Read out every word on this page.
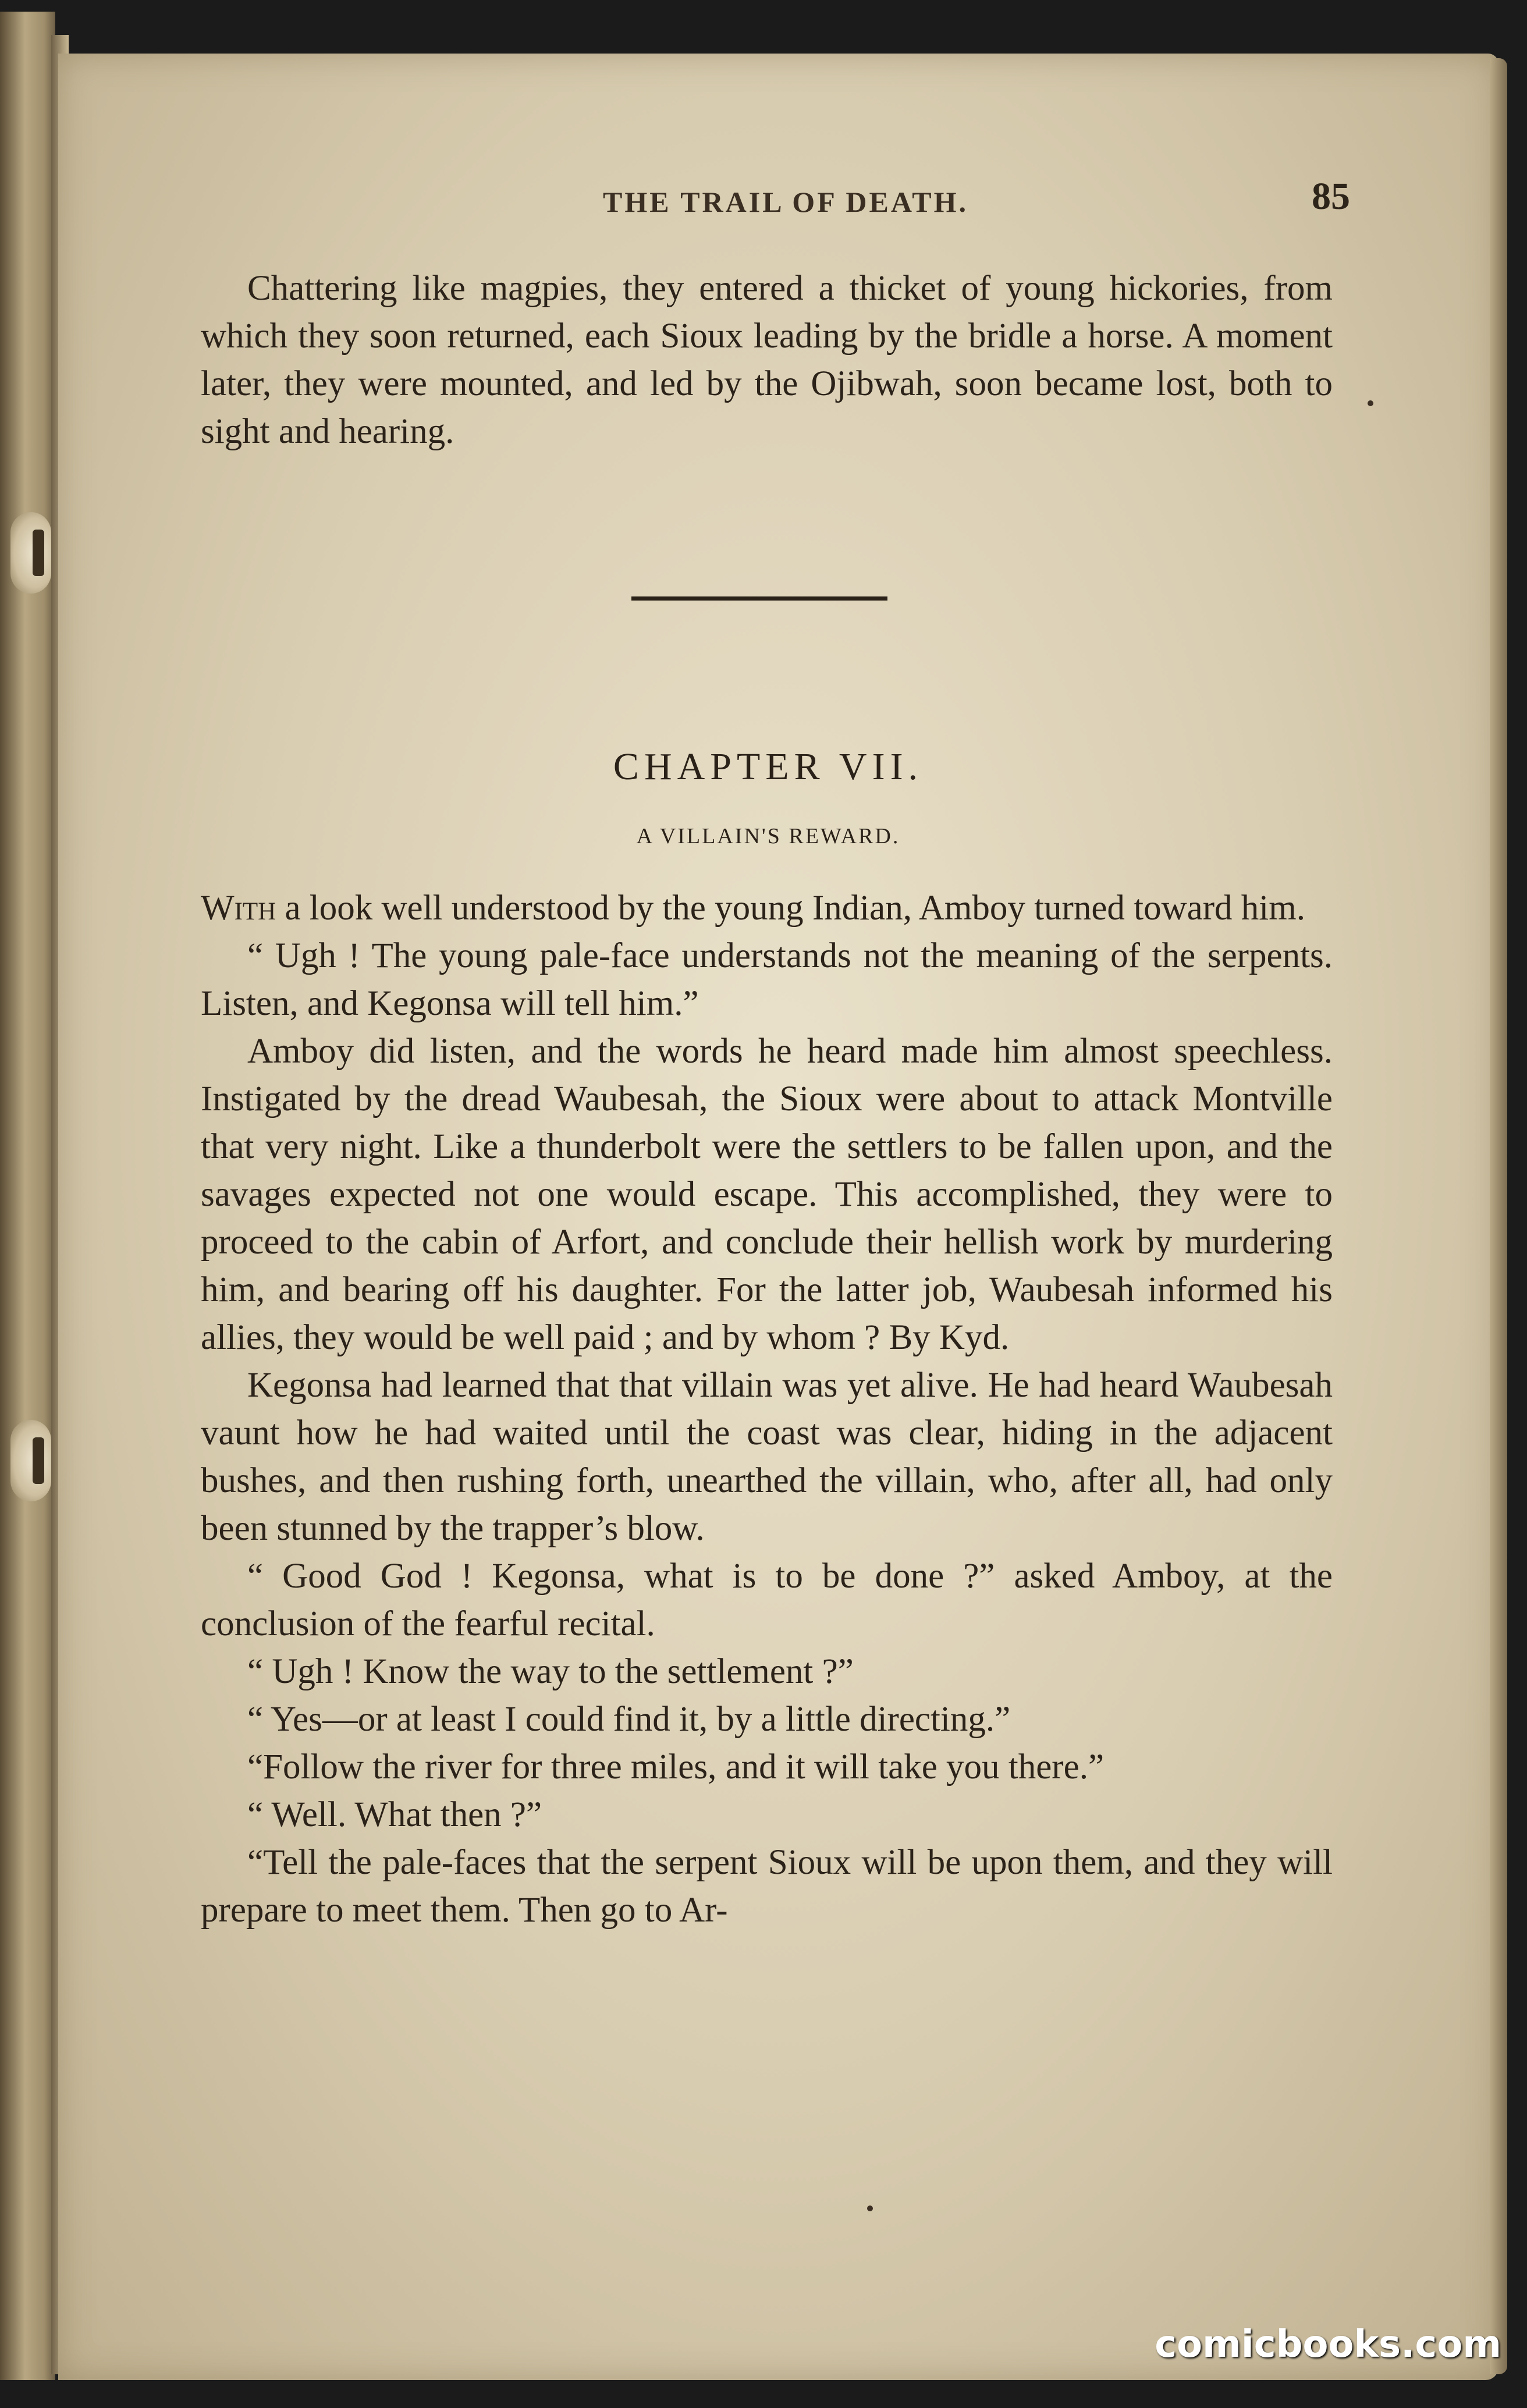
THE TRAIL OF DEATH.	85

Chattering like magpies, they entered a thicket of young hickories, from which they soon returned, each Sioux leading by the bridle a horse. A moment later, they were mounted, and led by the Ojibwah, soon became lost, both to sight and hearing.

CHAPTER VII.
A VILLAIN'S REWARD.

With a look well understood by the young Indian, Amboy turned toward him.

“ Ugh ! The young pale-face understands not the meaning of the serpents. Listen, and Kegonsa will tell him.”

Amboy did listen, and the words he heard made him almost speechless. Instigated by the dread Waubesah, the Sioux were about to attack Montville that very night. Like a thunderbolt were the settlers to be fallen upon, and the savages expected not one would escape. This accomplished, they were to proceed to the cabin of Arfort, and conclude their hellish work by murdering him, and bearing off his daughter. For the latter job, Waubesah informed his allies, they would be well paid ; and by whom ? By Kyd.

Kegonsa had learned that that villain was yet alive. He had heard Waubesah vaunt how he had waited until the coast was clear, hiding in the adjacent bushes, and then rushing forth, unearthed the villain, who, after all, had only been stunned by the trapper’s blow.

“ Good God ! Kegonsa, what is to be done ?” asked Amboy, at the conclusion of the fearful recital.

“ Ugh ! Know the way to the settlement ?”

“ Yes—or at least I could find it, by a little directing.”

“Follow the river for three miles, and it will take you there.”

“ Well. What then ?”

“Tell the pale-faces that the serpent Sioux will be upon them, and they will prepare to meet them. Then go to Ar-

comicbooks.com
